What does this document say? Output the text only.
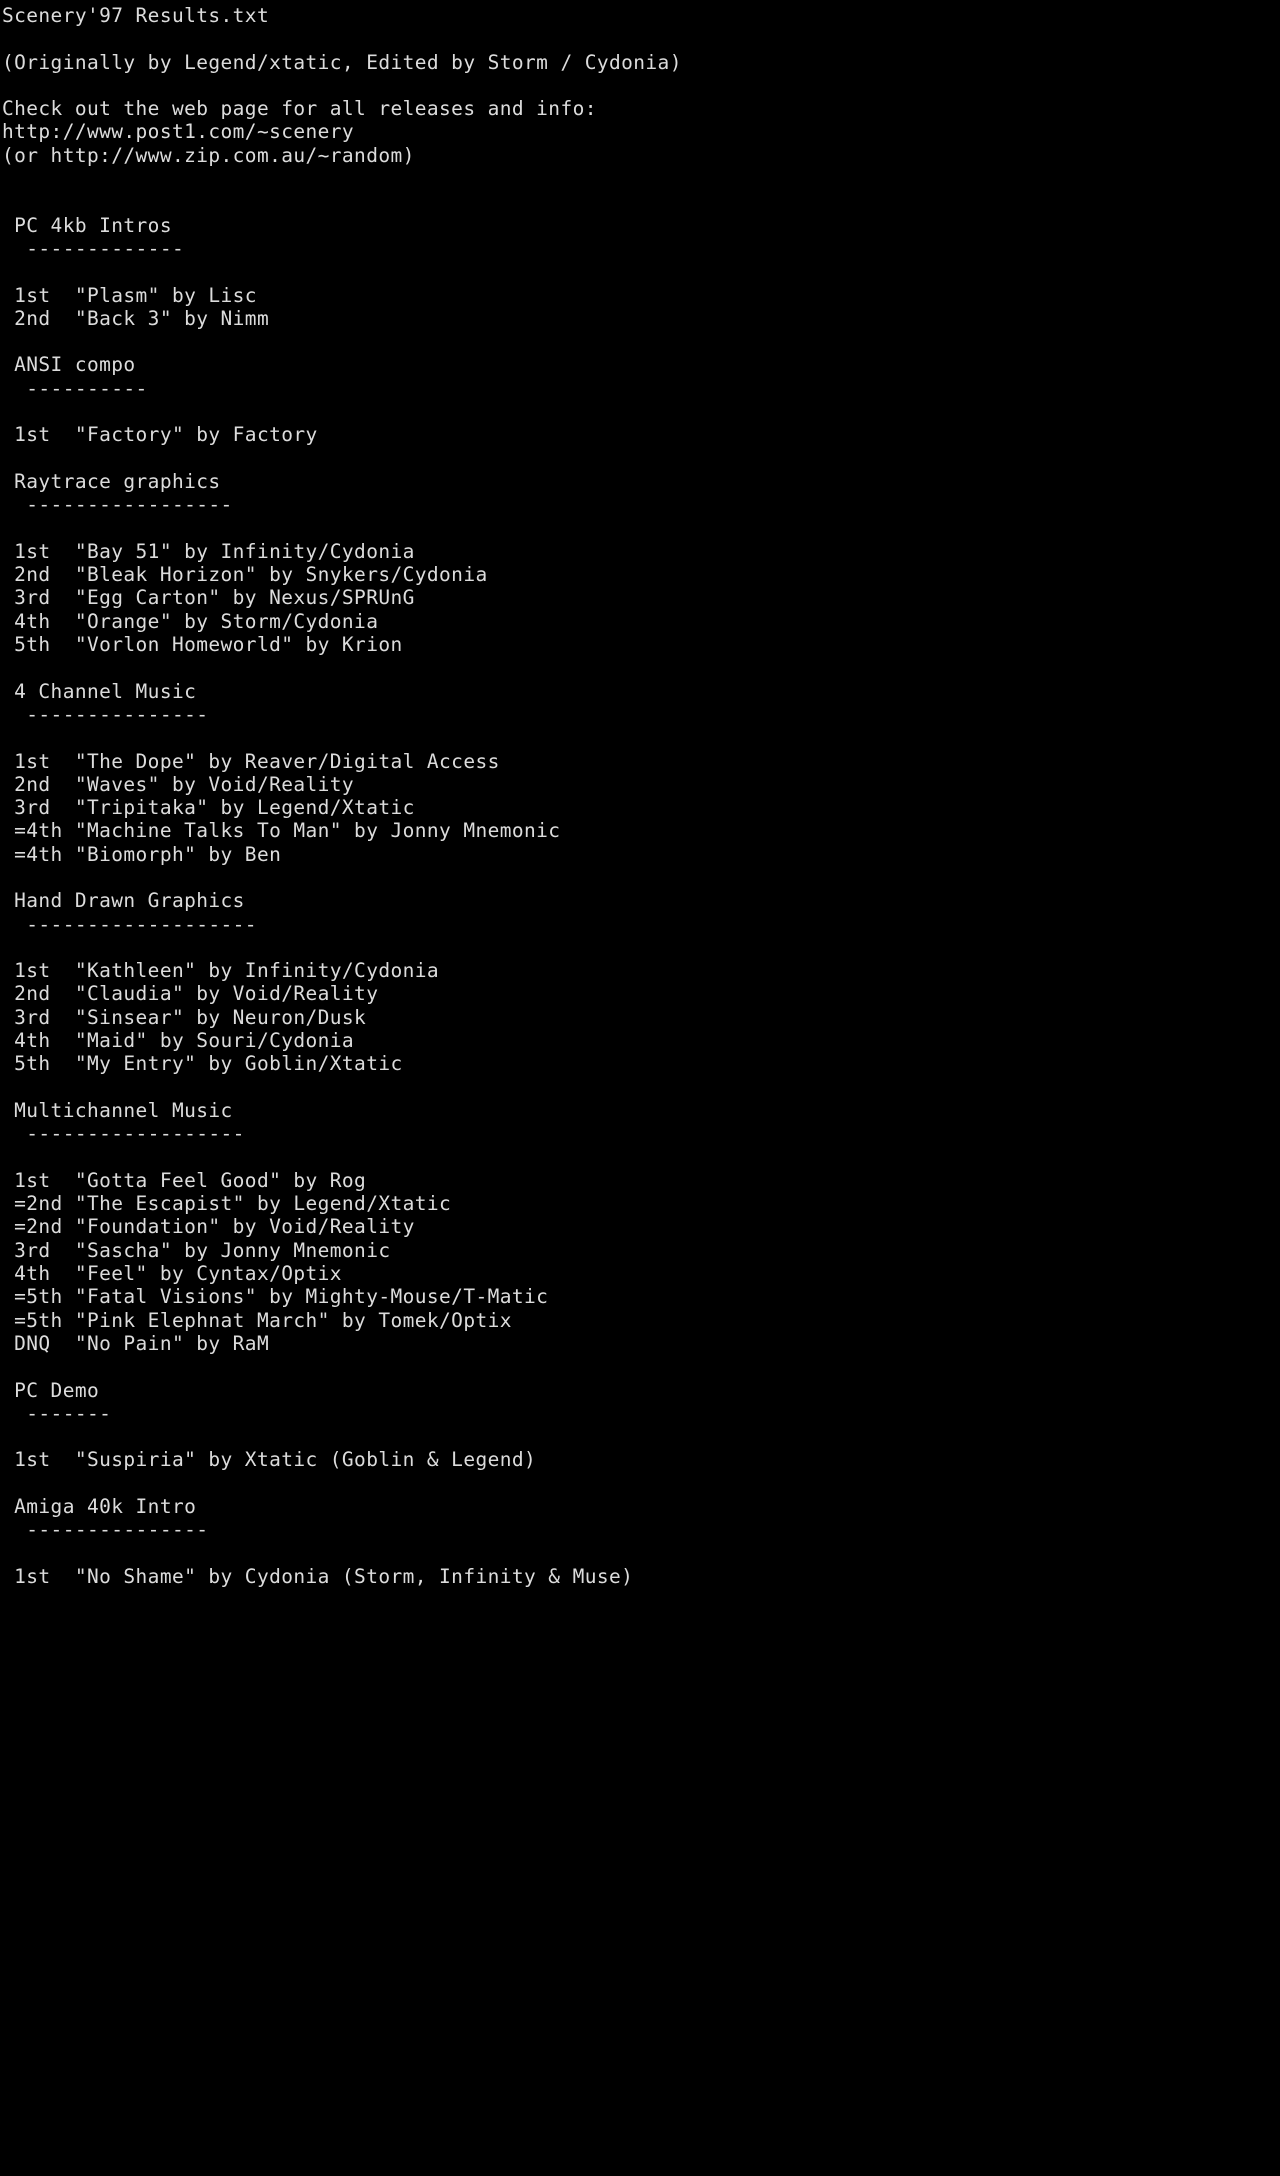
Scenery'97 Results.txt

(Originally by Legend/xtatic, Edited by Storm / Cydonia)

Check out the web page for all releases and info:
http://www.post1.com/~scenery
(or http://www.zip.com.au/~random)

PC 4kb Intros
-------------

1st  "Plasm" by Lisc
2nd  "Back 3" by Nimm

ANSI compo
----------

1st  "Factory" by Factory

Raytrace graphics
-----------------

1st  "Bay 51" by Infinity/Cydonia
2nd  "Bleak Horizon" by Snykers/Cydonia
3rd  "Egg Carton" by Nexus/SPRUnG
4th  "Orange" by Storm/Cydonia
5th  "Vorlon Homeworld" by Krion

4 Channel Music
---------------

1st  "The Dope" by Reaver/Digital Access
2nd  "Waves" by Void/Reality
3rd  "Tripitaka" by Legend/Xtatic
=4th "Machine Talks To Man" by Jonny Mnemonic
=4th "Biomorph" by Ben

Hand Drawn Graphics
-------------------

1st  "Kathleen" by Infinity/Cydonia
2nd  "Claudia" by Void/Reality
3rd  "Sinsear" by Neuron/Dusk
4th  "Maid" by Souri/Cydonia
5th  "My Entry" by Goblin/Xtatic

Multichannel Music
------------------

1st  "Gotta Feel Good" by Rog
=2nd "The Escapist" by Legend/Xtatic
=2nd "Foundation" by Void/Reality
3rd  "Sascha" by Jonny Mnemonic
4th  "Feel" by Cyntax/Optix
=5th "Fatal Visions" by Mighty-Mouse/T-Matic
=5th "Pink Elephnat March" by Tomek/Optix
DNQ  "No Pain" by RaM

PC Demo
-------

1st  "Suspiria" by Xtatic (Goblin & Legend)

Amiga 40k Intro
---------------

1st  "No Shame" by Cydonia (Storm, Infinity & Muse)
